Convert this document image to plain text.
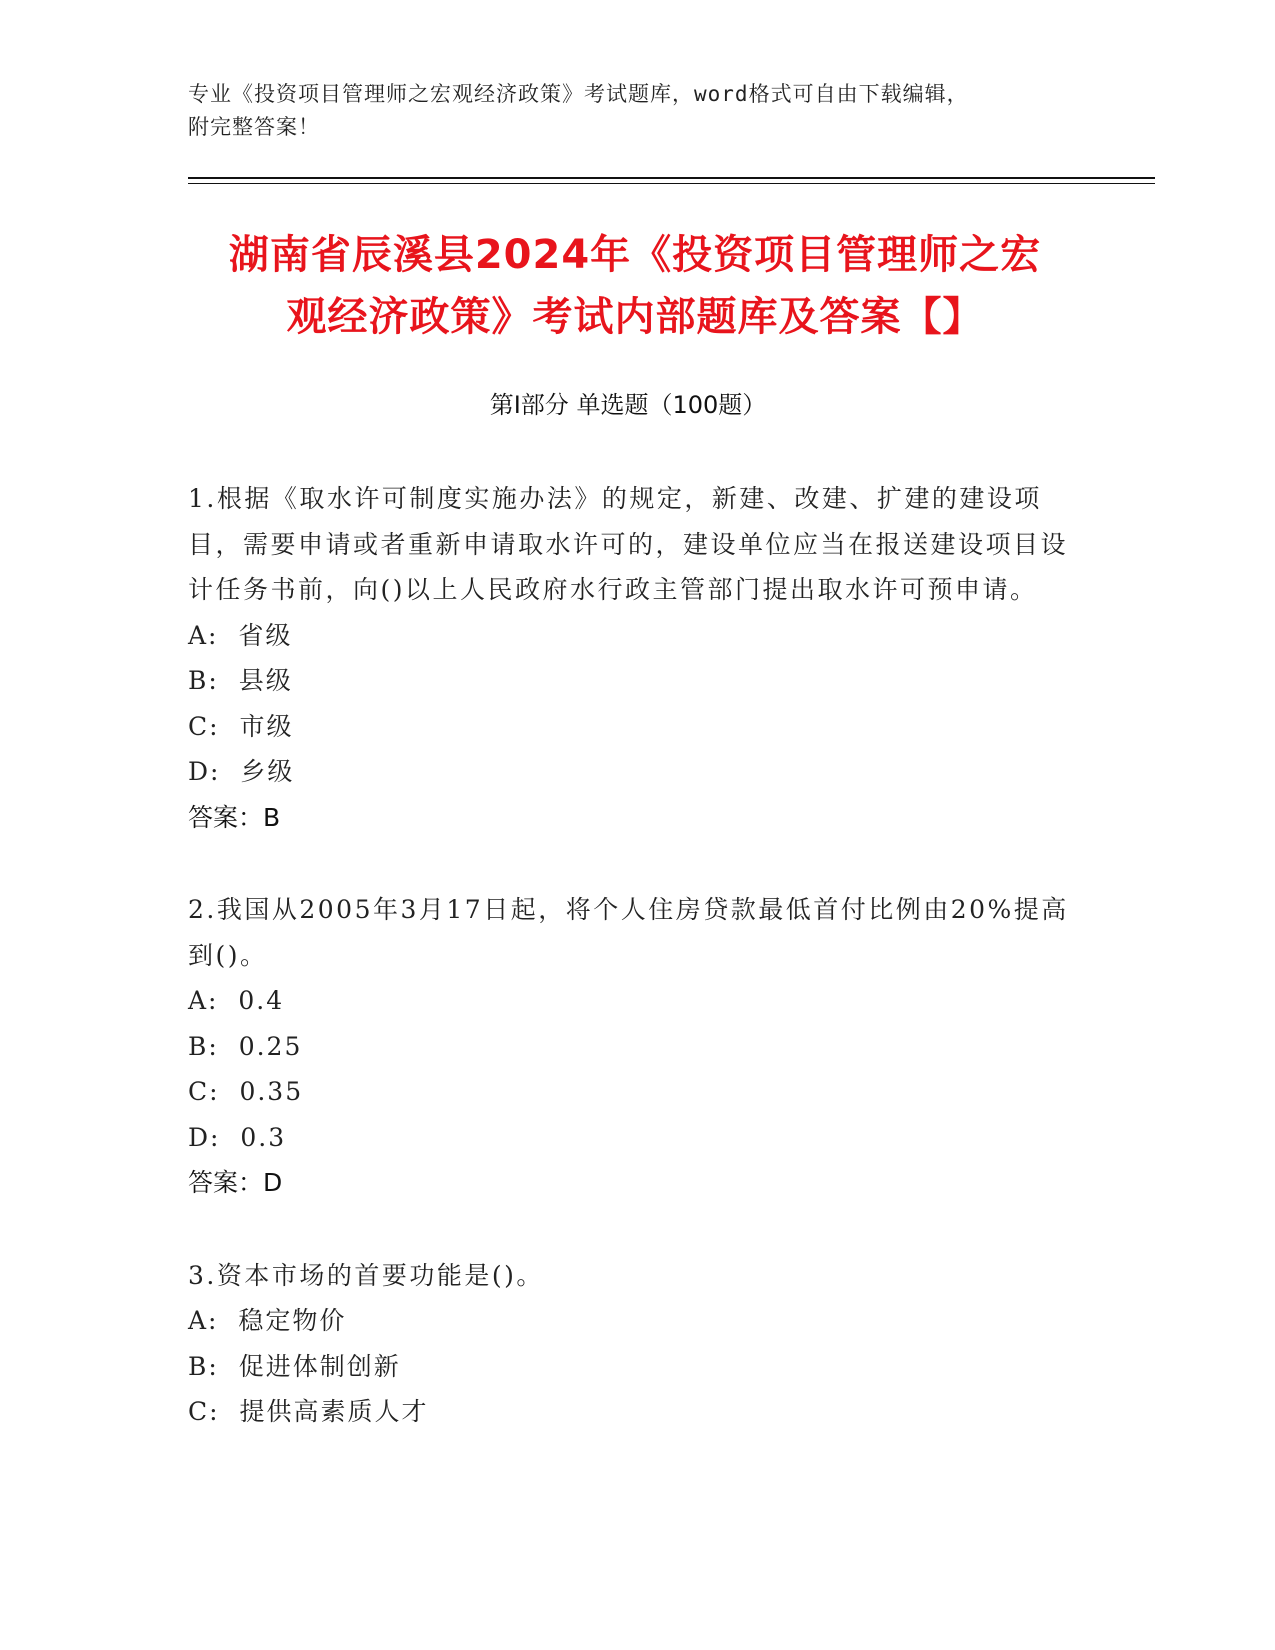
专业《投资项目管理师之宏观经济政策》考试题库，word格式可自由下载编辑，
附完整答案！
湖南省辰溪县2024年《投资项目管理师之宏
观经济政策》考试内部题库及答案【】
第Ⅰ部分 单选题（100题）
1.根据《取水许可制度实施办法》的规定，新建、改建、扩建的建设项目，需要申请或者重新申请取水许可的，建设单位应当在报送建设项目设计任务书前，向()以上人民政府水行政主管部门提出取水许可预申请。
A:  省级
B:  县级
C:  市级
D:  乡级
答案：B
2.我国从2005年3月17日起，将个人住房贷款最低首付比例由20%提高到()。
A:  0.4
B:  0.25
C:  0.35
D:  0.3
答案：D
3.资本市场的首要功能是()。
A:  稳定物价
B:  促进体制创新
C:  提供高素质人才
